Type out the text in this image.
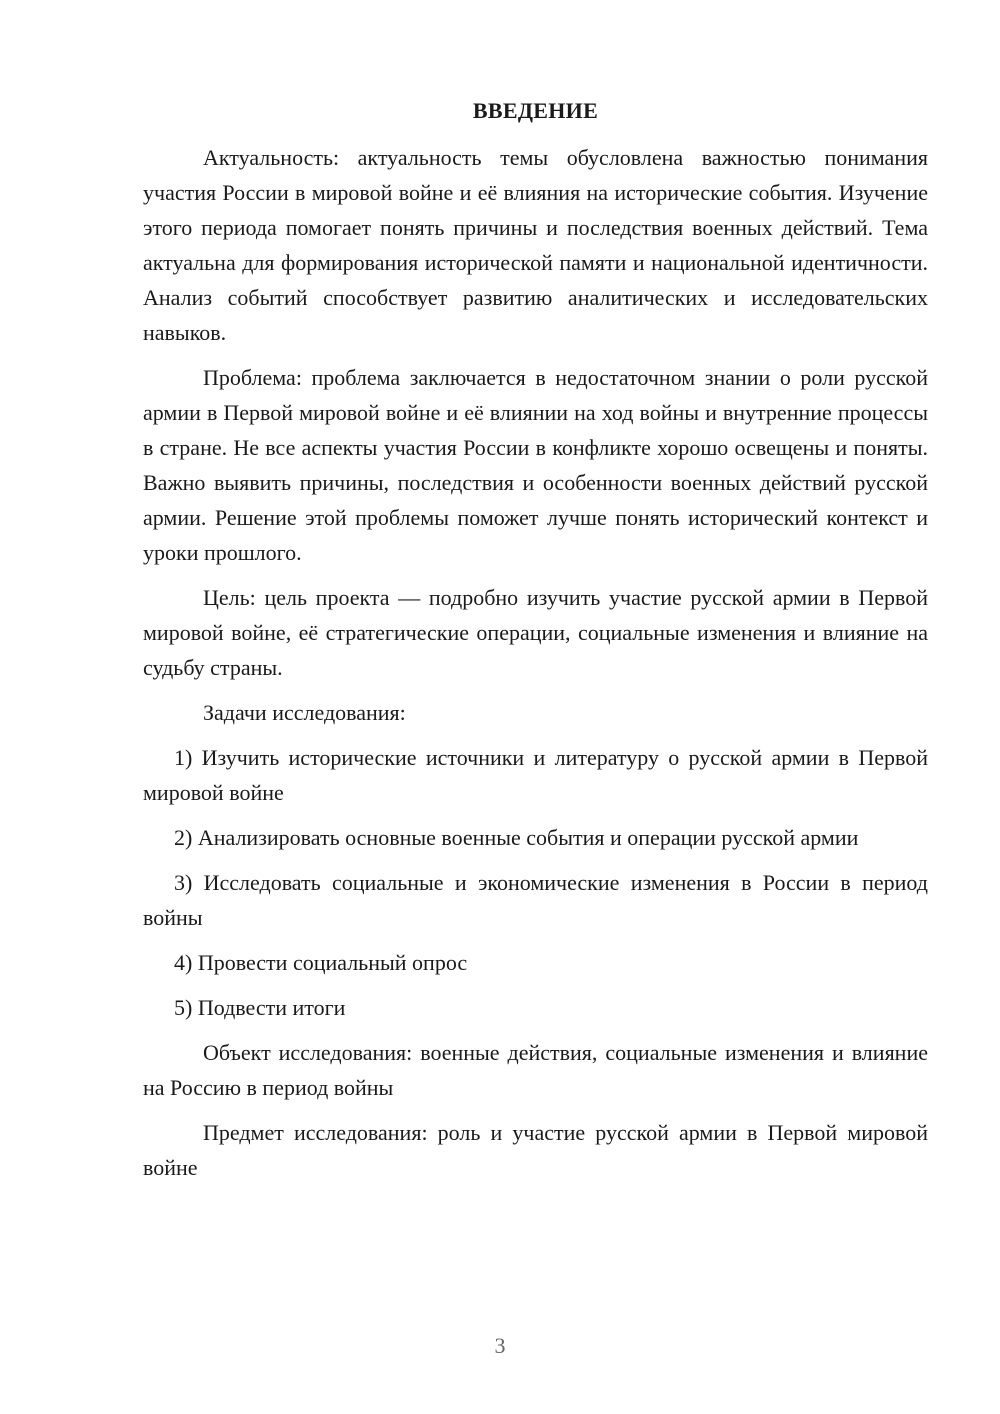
ВВЕДЕНИЕ

Актуальность: актуальность темы обусловлена важностью понимания участия России в мировой войне и её влияния на исторические события. Изучение этого периода помогает понять причины и последствия военных действий. Тема актуальна для формирования исторической памяти и национальной идентичности. Анализ событий способствует развитию аналитических и исследовательских навыков.

Проблема: проблема заключается в недостаточном знании о роли русской армии в Первой мировой войне и её влиянии на ход войны и внутренние процессы в стране. Не все аспекты участия России в конфликте хорошо освещены и поняты. Важно выявить причины, последствия и особенности военных действий русской армии. Решение этой проблемы поможет лучше понять исторический контекст и уроки прошлого.

Цель: цель проекта — подробно изучить участие русской армии в Первой мировой войне, её стратегические операции, социальные изменения и влияние на судьбу страны.

Задачи исследования:

1) Изучить исторические источники и литературу о русской армии в Первой мировой войне

2) Анализировать основные военные события и операции русской армии

3) Исследовать социальные и экономические изменения в России в период войны

4) Провести социальный опрос

5) Подвести итоги

Объект исследования: военные действия, социальные изменения и влияние на Россию в период войны

Предмет исследования: роль и участие русской армии в Первой мировой войне

3
